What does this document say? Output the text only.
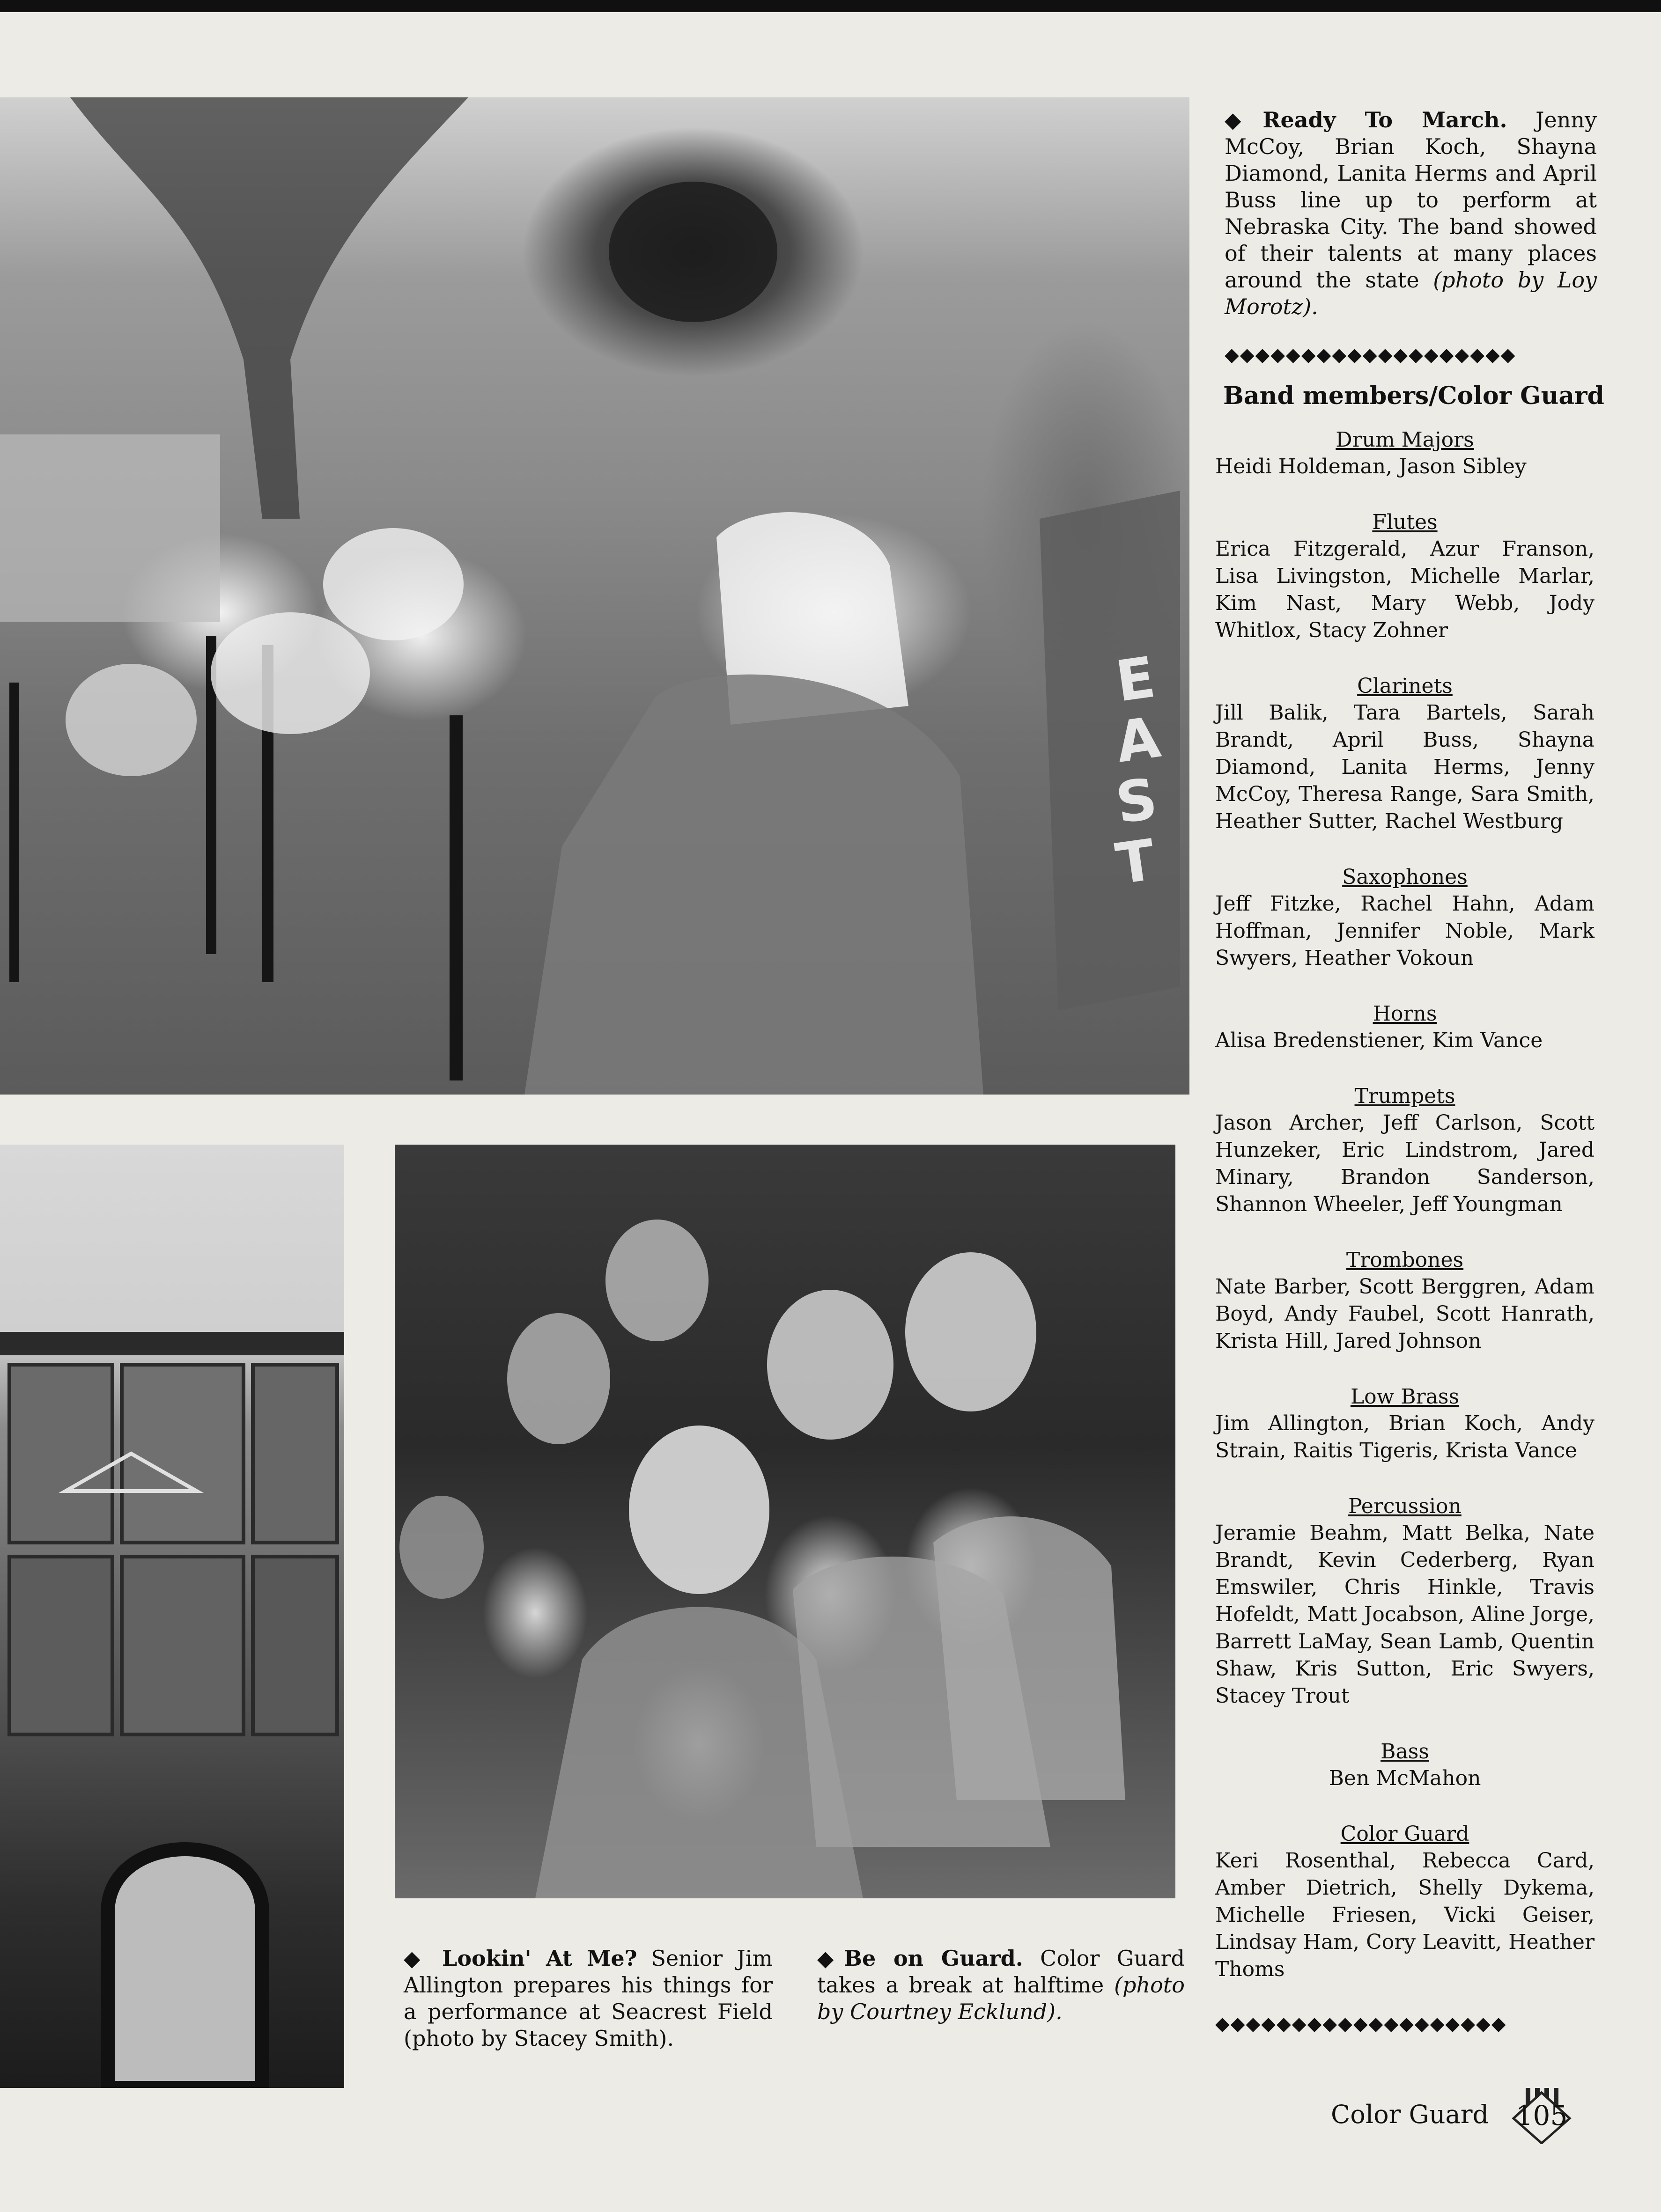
E
A
S
T
◆Ready To March. Jenny McCoy, Brian Koch, Shayna Diamond, Lanita Herms and April Buss line up to perform at Nebraska City. The band showed of their talents at many places around the state (photo by Loy Morotz).
◆◆◆◆◆◆◆◆◆◆◆◆◆◆◆◆◆◆◆
Band members/Color Guard
Drum Majors
Heidi Holdeman, Jason Sibley
Flutes
Erica Fitzgerald, Azur Franson, Lisa Livingston, Michelle Marlar, Kim Nast, Mary Webb, Jody Whitlox, Stacy Zohner
Clarinets
Jill Balik, Tara Bartels, Sarah Brandt, April Buss, Shayna Diamond, Lanita Herms, Jenny McCoy, Theresa Range, Sara Smith, Heather Sutter, Rachel Westburg
Saxophones
Jeff Fitzke, Rachel Hahn, Adam Hoffman, Jennifer Noble, Mark Swyers, Heather Vokoun
Horns
Alisa Bredenstiener, Kim Vance
Trumpets
Jason Archer, Jeff Carlson, Scott Hunzeker, Eric Lindstrom, Jared Minary, Brandon Sanderson, Shannon Wheeler, Jeff Youngman
Trombones
Nate Barber, Scott Berggren, Adam Boyd, Andy Faubel, Scott Hanrath, Krista Hill, Jared Johnson
Low Brass
Jim Allington, Brian Koch, Andy Strain, Raitis Tigeris, Krista Vance
Percussion
Jeramie Beahm, Matt Belka, Nate Brandt, Kevin Cederberg, Ryan Emswiler, Chris Hinkle, Travis Hofeldt, Matt Jocabson, Aline Jorge, Barrett LaMay, Sean Lamb, Quentin Shaw, Kris Sutton, Eric Swyers, Stacey Trout
Bass
Ben McMahon
Color Guard
Keri Rosenthal, Rebecca Card, Amber Dietrich, Shelly Dykema, Michelle Friesen, Vicki Geiser, Lindsay Ham, Cory Leavitt, Heather Thoms
◆◆◆◆◆◆◆◆◆◆◆◆◆◆◆◆◆◆◆
◆ Lookin' At Me? Senior Jim Allington prepares his things for a performance at Seacrest Field (photo by Stacey Smith).
◆Be on Guard. Color Guard takes a break at halftime (photo by Courtney Ecklund).
Color Guard 105
